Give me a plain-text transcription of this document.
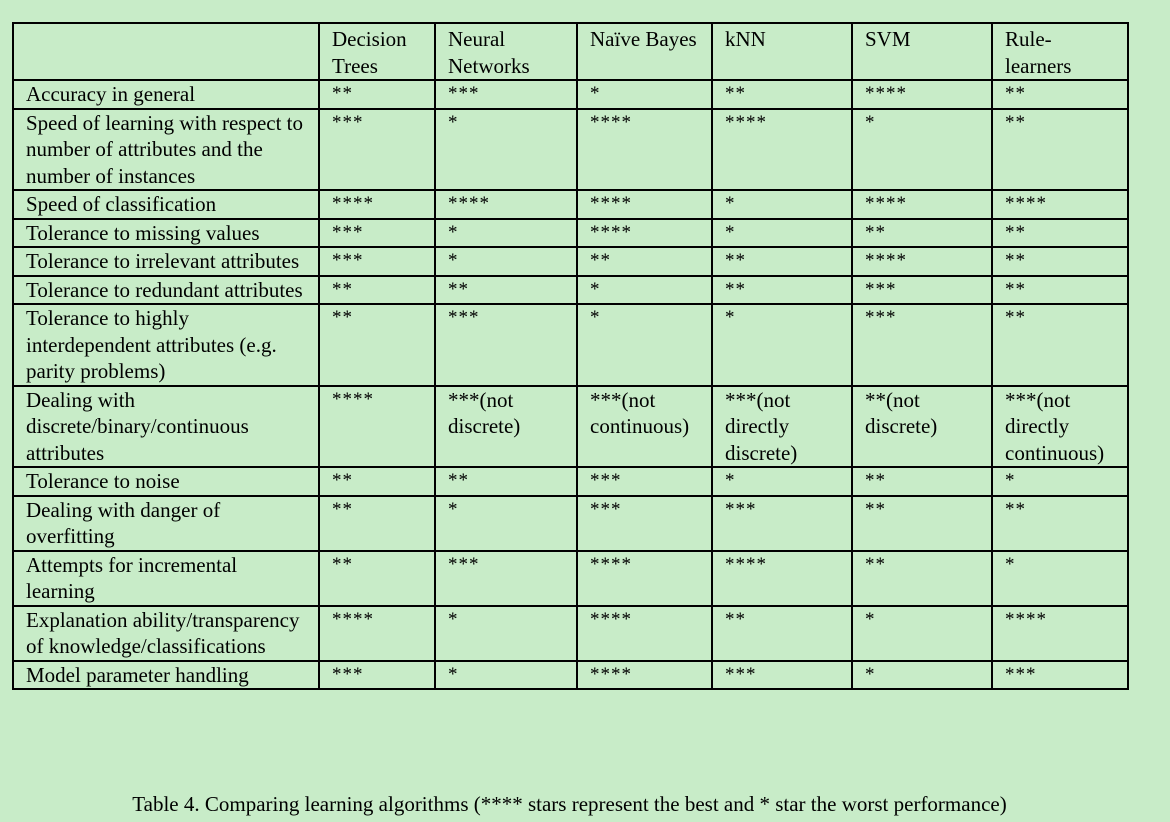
	Decision Trees	Neural Networks	Naïve Bayes	kNN	SVM	Rule-learners
Accuracy in general	**	***	*	**	****	**
Speed of learning with respect to number of attributes and the number of instances	***	*	****	****	*	**
Speed of classification	****	****	****	*	****	****
Tolerance to missing values	***	*	****	*	**	**
Tolerance to irrelevant attributes	***	*	**	**	****	**
Tolerance to redundant attributes	**	**	*	**	***	**
Tolerance to highly interdependent attributes (e.g. parity problems)	**	***	*	*	***	**
Dealing with discrete/binary/continuous attributes	****	***(not discrete)	***(not continuous)	***(not directly discrete)	**(not discrete)	***(not directly continuous)
Tolerance to noise	**	**	***	*	**	*
Dealing with danger of overfitting	**	*	***	***	**	**
Attempts for incremental learning	**	***	****	****	**	*
Explanation ability/transparency of knowledge/classifications	****	*	****	**	*	****
Model parameter handling	***	*	****	***	*	***
Table 4. Comparing learning algorithms (**** stars represent the best and * star the worst performance)
